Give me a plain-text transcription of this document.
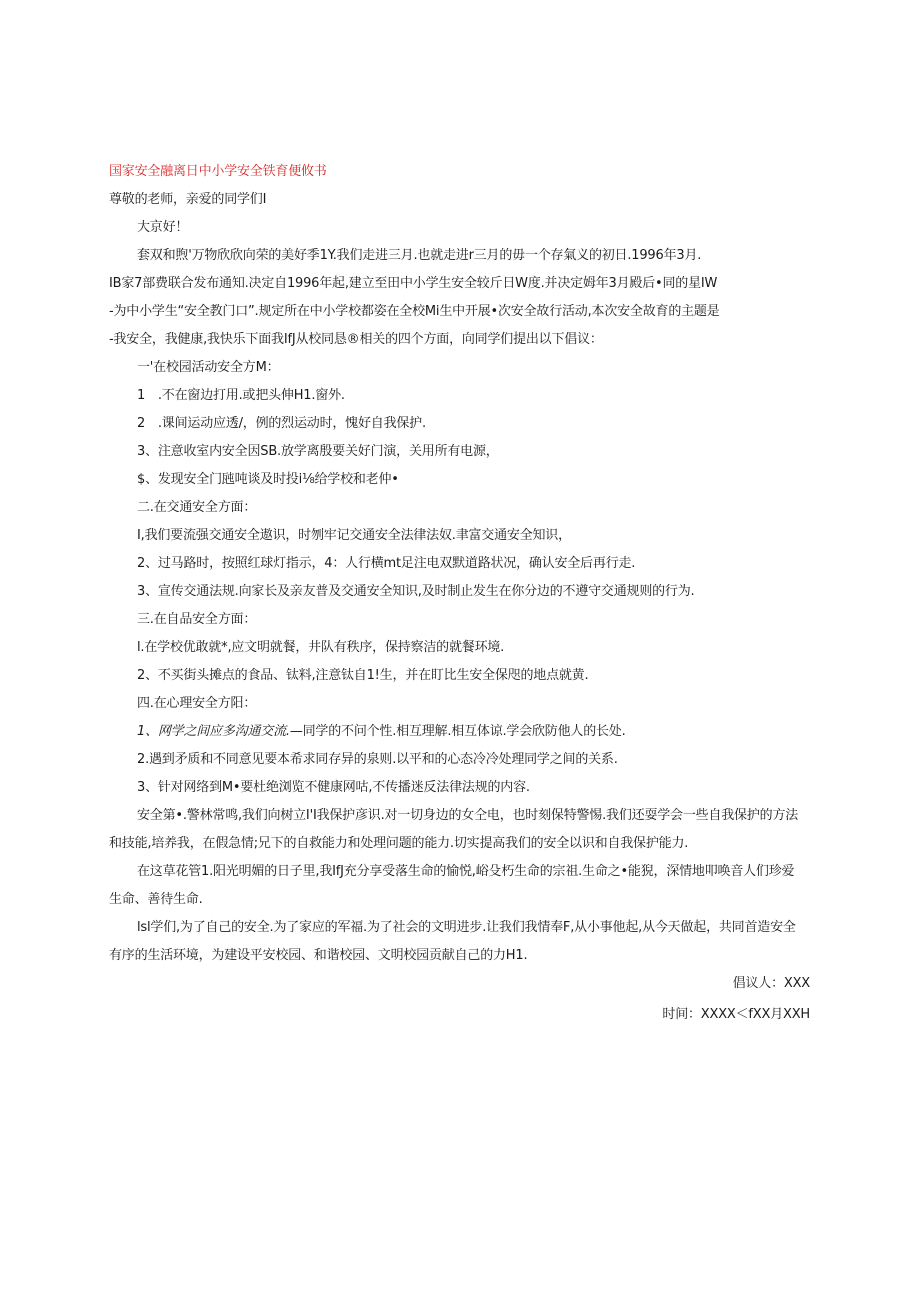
国家安全融离日中小学安全铁育便攸书
尊敬的老师，亲爱的同学们I
大京好！
套双和煦'万物欣欣向荣的美好季1Y.我们走进三月.也就走进r三月的毋一个存氣义的初日.1996年3月.
IB家7部费联合发布通知.决定自1996年起,建立至田中小学生安全较斤日W度.并决定姆年3月殿后•同的星IW
-为中小学生“安全教门口”.规定所在中小学校都姿在全校Mi生中开展•次安全故行活动,本次安全故育的主题是
-我安全，我健康,我快乐下面我IfJ从校同恳®相关的四个方面，向同学们提出以下倡议：
一'在校园活动安全方M：
1　.不在窗边打用.或把头伸H1.窗外.
2　.课间运动应透/，例的烈运动时，愧好自我保护.
3、注意收室内安全因SB.放学离殷要关好门演，关用所有电源，
$、发现安全门瓲吨谈及时投i⅛给学校和老仲•
二.在交通安全方面：
I,我们要流强交通安全遨识，时刎牢记交通安全法律法奴.聿富交通安全知识，
2、过马路时，按照红球灯指示，4：人行横mt足注电双默道路状况，确认安全后再行走.
3、宣传交通法规.向家长及亲友普及交通安全知识,及时制止发生在你分边的不遵守交通规则的行为.
三.在自品安全方面：
l.在学校优敢就*,应文明就餐，井队有秩序，保持察洁的就餐环境.
2、不买街头摊点的食品、钛料,注意钛自1!生，并在盯比生安全保咫的地点就黄.
四.在心理安全方阳：
1、网学之间应多沟通交流.—同学的不问个性.相互理解.相互体谅.学会欣防他人的长处.
2.遇到矛质和不同意见要本希求同存异的泉则.以平和的心态冷冷处理同学之间的关系.
3、针对网络到M•要杜绝浏览不健康网咕,不传播迷反法律法规的内容.
安全第•.警林常鸣,我们向树立I'I我保护彦识.对一切身边的女仝电，也时刻保特警惕.我们还耍学会一些自我保护的方法
和技能,培养我，在假急情;兄下的自救能力和处理问题的能力.切实提高我们的安全以识和自我保护能力.
在这草花管1.阳光明媚的日子里,我IfJ充分享受落生命的愉悦,峪殳朽生命的宗祖.生命之•能猊，深情地叩唤音人们珍爱
生命、善待生命.
lsl学们,为了自己的安全.为了家应的军福.为了社会的文明进步.让我们我情奉F,从小事他起,从今天做起，共同首造安全
有序的生活环境，为建设平安校园、和谐校园、文明校园贡献自己的力H1.
倡议人：XXX
时间：XXXX＜fXX月XXH
